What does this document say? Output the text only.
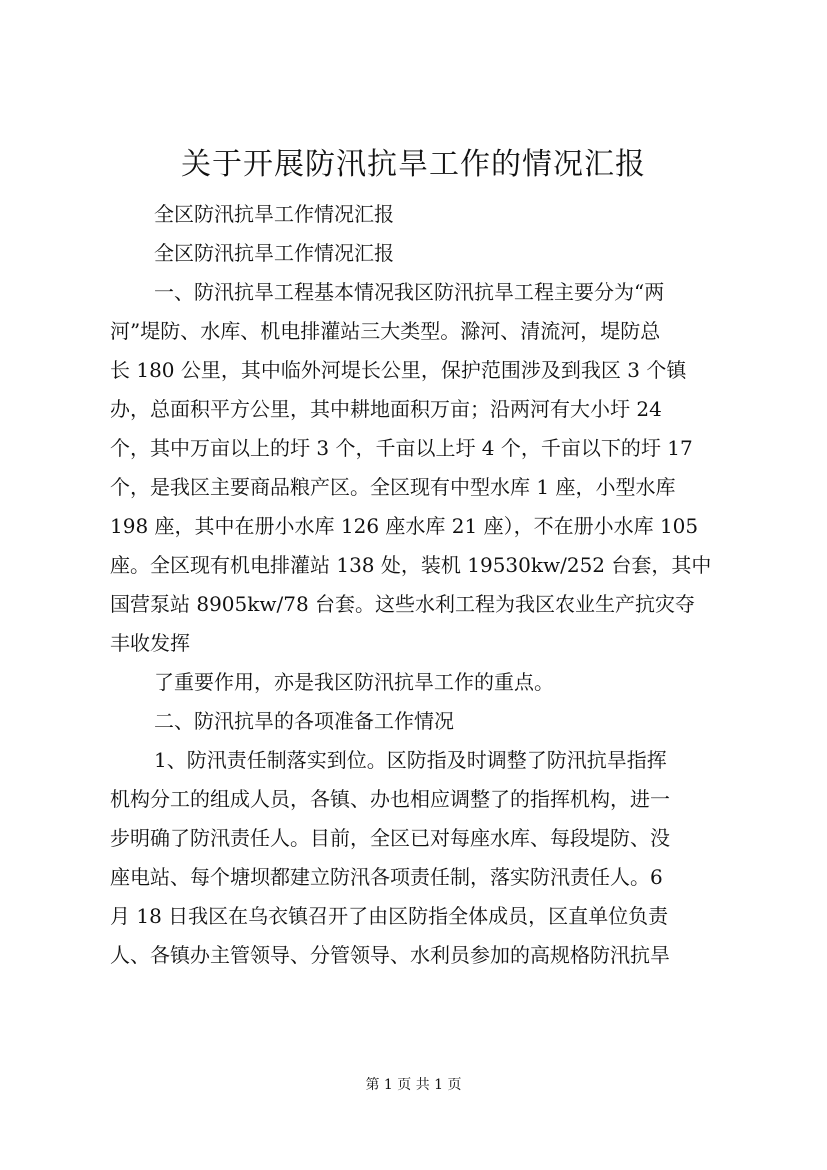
关于开展防汛抗旱工作的情况汇报
全区防汛抗旱工作情况汇报
全区防汛抗旱工作情况汇报
一、防汛抗旱工程基本情况我区防汛抗旱工程主要分为“两
河”堤防、水库、机电排灌站三大类型。滁河、清流河，堤防总
长 180 公里，其中临外河堤长公里，保护范围涉及到我区 3 个镇
办，总面积平方公里，其中耕地面积万亩；沿两河有大小圩 24
个，其中万亩以上的圩 3 个，千亩以上圩 4 个，千亩以下的圩 17
个，是我区主要商品粮产区。全区现有中型水库 1 座，小型水库
198 座，其中在册小水库 126 座水库 21 座），不在册小水库 105
座。全区现有机电排灌站 138 处，装机 19530kw/252 台套，其中
国营泵站 8905kw/78 台套。这些水利工程为我区农业生产抗灾夺
丰收发挥
了重要作用，亦是我区防汛抗旱工作的重点。
二、防汛抗旱的各项准备工作情况
1、防汛责任制落实到位。区防指及时调整了防汛抗旱指挥
机构分工的组成人员，各镇、办也相应调整了的指挥机构，进一
步明确了防汛责任人。目前，全区已对每座水库、每段堤防、没
座电站、每个塘坝都建立防汛各项责任制，落实防汛责任人。6
月 18 日我区在乌衣镇召开了由区防指全体成员，区直单位负责
人、各镇办主管领导、分管领导、水利员参加的高规格防汛抗旱
第 1 页 共 1 页
